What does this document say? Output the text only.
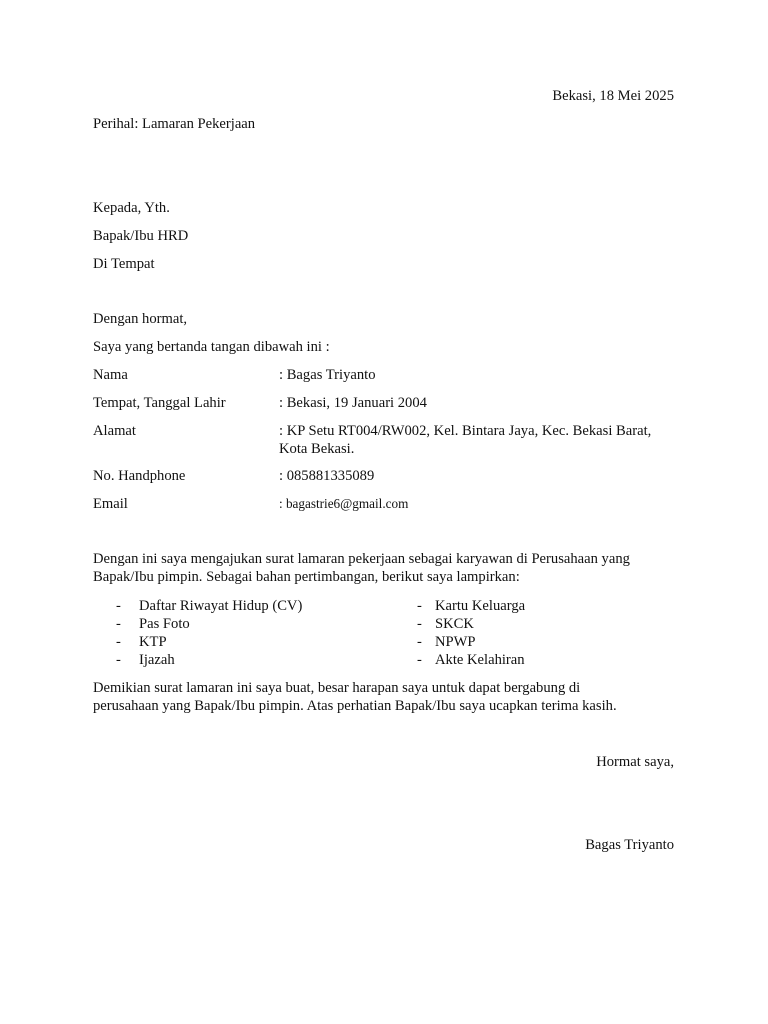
Bekasi, 18 Mei 2025
Perihal: Lamaran Pekerjaan
Kepada, Yth.
Bapak/Ibu HRD
Di Tempat
Dengan hormat,
Saya yang bertanda tangan dibawah ini :
Nama	: Bagas Triyanto
Tempat, Tanggal Lahir	: Bekasi, 19 Januari 2004
Alamat	: KP Setu RT004/RW002, Kel. Bintara Jaya, Kec. Bekasi Barat,
Kota Bekasi.
No. Handphone	: 085881335089
Email	: bagastrie6@gmail.com
Dengan ini saya mengajukan surat lamaran pekerjaan sebagai karyawan di Perusahaan yang
Bapak/Ibu pimpin. Sebagai bahan pertimbangan, berikut saya lampirkan:
- Daftar Riwayat Hidup (CV)
- Pas Foto
- KTP
- Ijazah
- Kartu Keluarga
- SKCK
- NPWP
- Akte Kelahiran
Demikian surat lamaran ini saya buat, besar harapan saya untuk dapat bergabung di
perusahaan yang Bapak/Ibu pimpin. Atas perhatian Bapak/Ibu saya ucapkan terima kasih.
Hormat saya,
Bagas Triyanto
